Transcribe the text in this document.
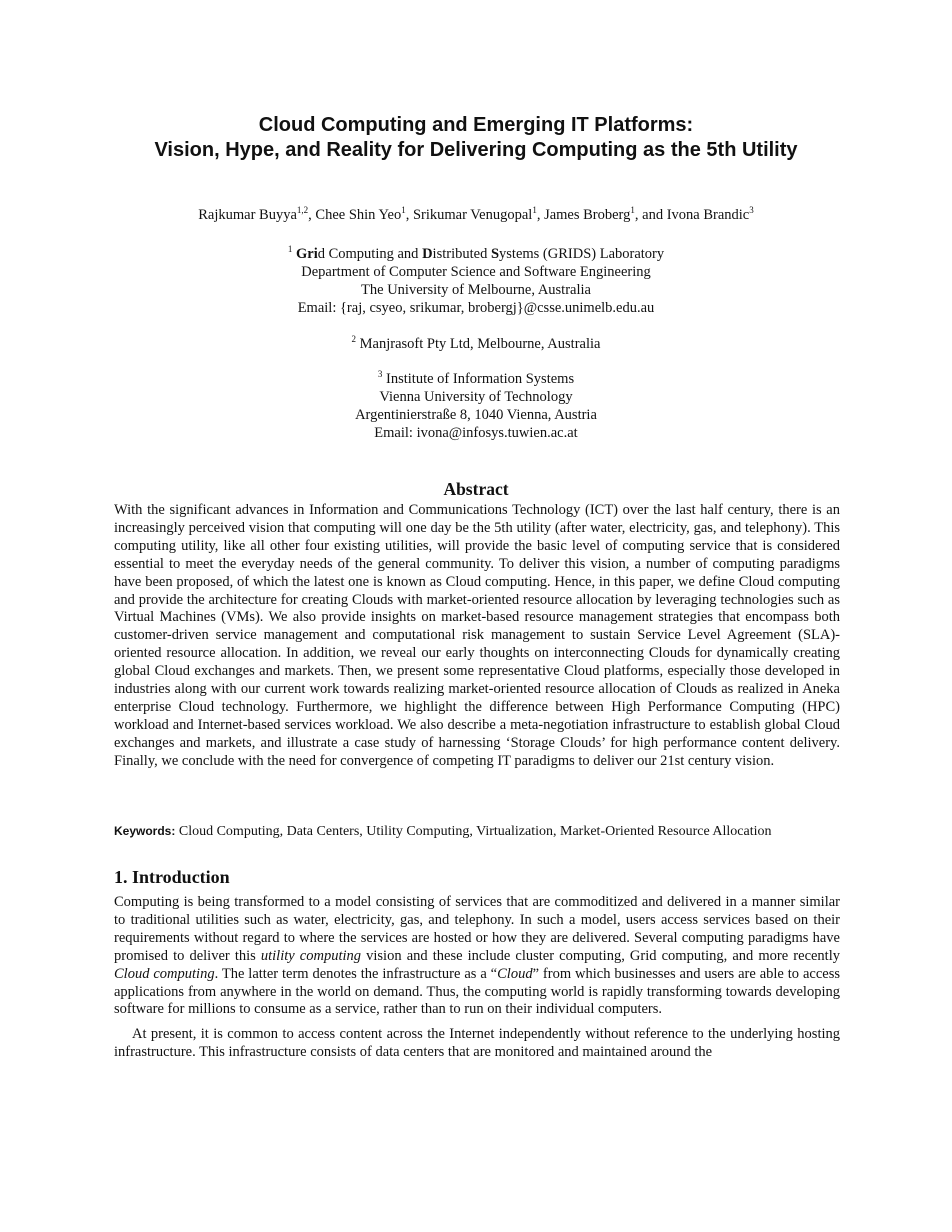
Cloud Computing and Emerging IT Platforms:
Vision, Hype, and Reality for Delivering Computing as the 5th Utility
Rajkumar Buyya$^{1,2}$, Chee Shin Yeo$^1$, Srikumar Venugopal$^1$, James Broberg$^1$, and Ivona Brandic$^3$
$^1$ Grid Computing and Distributed Systems (GRIDS) Laboratory
Department of Computer Science and Software Engineering
The University of Melbourne, Australia
Email: {raj, csyeo, srikumar, brobergj}@csse.unimelb.edu.au
$^2$ Manjrasoft Pty Ltd, Melbourne, Australia
$^3$ Institute of Information Systems
Vienna University of Technology
Argentinierstraße 8, 1040 Vienna, Austria
Email: ivona@infosys.tuwien.ac.at
Abstract

With the significant advances in Information and Communications Technology (ICT) over the last half century, there is an increasingly perceived vision that computing will one day be the 5th utility (after water, electricity, gas, and telephony). This computing utility, like all other four existing utilities, will provide the basic level of computing service that is considered essential to meet the everyday needs of the general community. To deliver this vision, a number of computing paradigms have been proposed, of which the latest one is known as Cloud computing. Hence, in this paper, we define Cloud computing and provide the architecture for creating Clouds with market-oriented resource allocation by leveraging technologies such as Virtual Machines (VMs). We also provide insights on market-based resource management strategies that encompass both customer-driven service management and computational risk management to sustain Service Level Agreement (SLA)-oriented resource allocation. In addition, we reveal our early thoughts on interconnecting Clouds for dynamically creating global Cloud exchanges and markets. Then, we present some representative Cloud platforms, especially those developed in industries along with our current work towards realizing market-oriented resource allocation of Clouds as realized in Aneka enterprise Cloud technology. Furthermore, we highlight the difference between High Performance Computing (HPC) workload and Internet-based services workload. We also describe a meta-negotiation infrastructure to establish global Cloud exchanges and markets, and illustrate a case study of harnessing ‘Storage Clouds’ for high performance content delivery. Finally, we conclude with the need for convergence of competing IT paradigms to deliver our 21st century vision.

Keywords: Cloud Computing, Data Centers, Utility Computing, Virtualization, Market-Oriented Resource Allocation
1. Introduction

Computing is being transformed to a model consisting of services that are commoditized and delivered in a manner similar to traditional utilities such as water, electricity, gas, and telephony. In such a model, users access services based on their requirements without regard to where the services are hosted or how they are delivered. Several computing paradigms have promised to deliver this utility computing vision and these include cluster computing, Grid computing, and more recently Cloud computing. The latter term denotes the infrastructure as a “Cloud” from which businesses and users are able to access applications from anywhere in the world on demand. Thus, the computing world is rapidly transforming towards developing software for millions to consume as a service, rather than to run on their individual computers.

At present, it is common to access content across the Internet independently without reference to the underlying hosting infrastructure. This infrastructure consists of data centers that are monitored and maintained around the
